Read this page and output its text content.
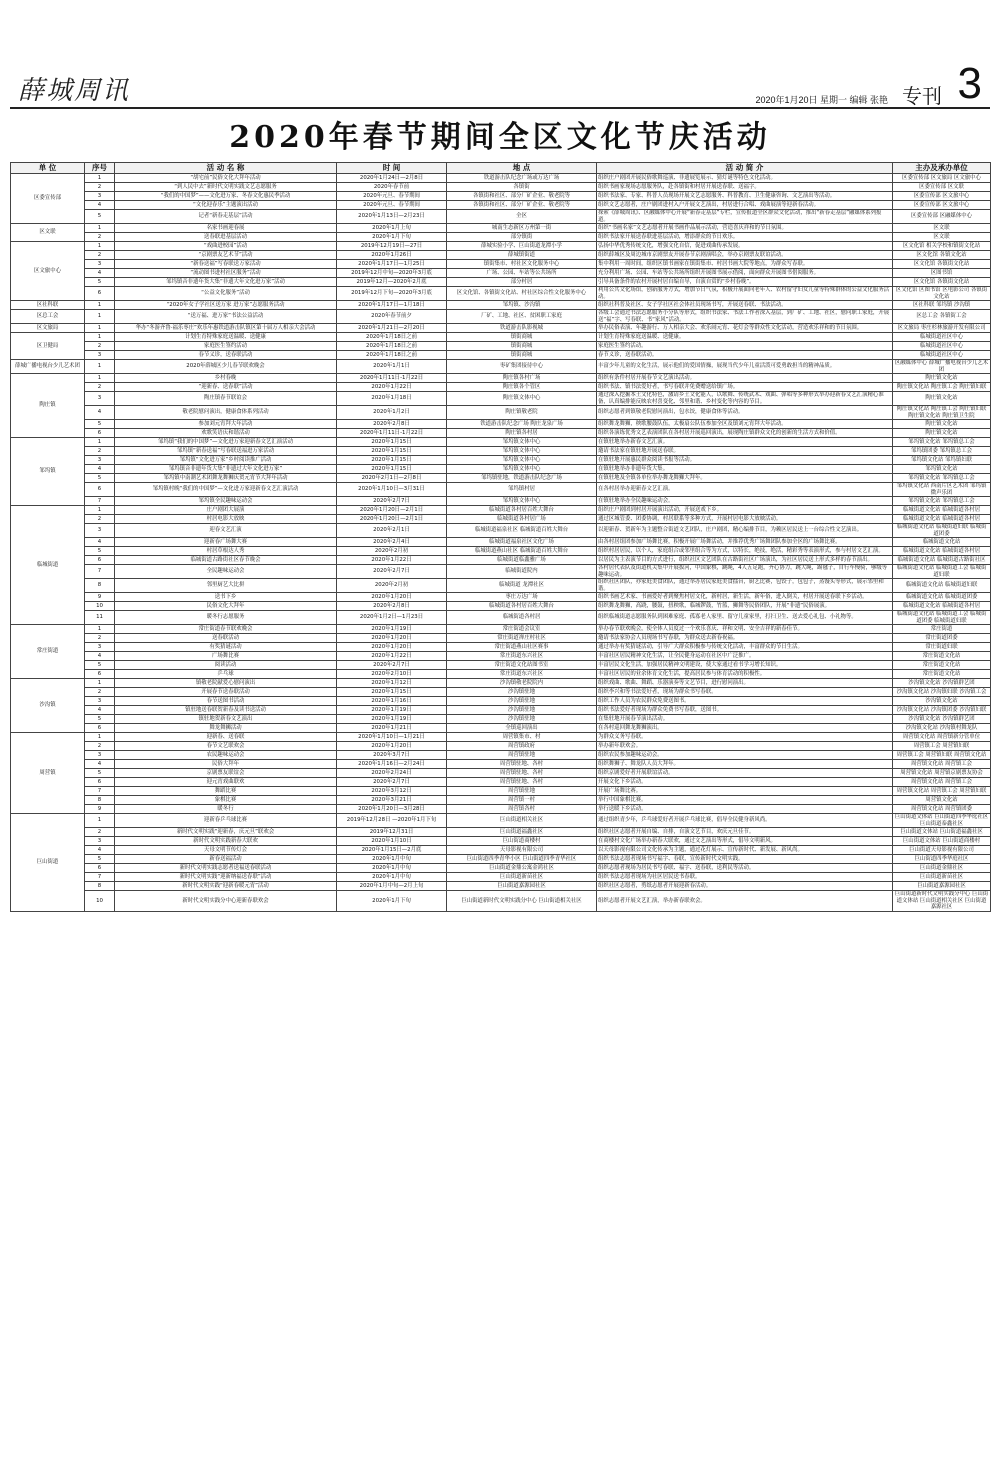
薛城周讯	2020年1月20日 星期一 编辑 张艳 专刊 3
2020年春节期间全区文化节庆活动
单 位	序号	活 动 名 称	时 间	地 点	活 动 简 介	主办及承办单位
区委宣传部	1	“胡宅前”民俗文化大拜年活动	2020年1月24日—2月8日	铁道游击队纪念广场或万达广场	组织庄户剧团开展民俗歌舞巡演、非遗展览展示、猜灯谜等特色文化活动。	区委宣传部 区文旅局 区文旅中心
	2	“到人民中去”新时代文明实践文艺志愿服务	2020年春节前	各镇街	组织书画家现场志愿服务队，赴各镇街和村居开展送春联、送福字。	区委宣传部 区文联
	3	“我们的中国梦”——文化进万家、冬春文化惠民季活动	2020年元旦、春节期间	各镇街和社区、部分厂矿企业、敬老院等	组织书法家、专家、科普人员现场开展文艺志愿服务、科普教育、卫生健康咨询、文艺演出等活动。	区委宣传部 区文旅中心
	4	“文化迎春乐”主题演出活动	2020年元旦、春节期间	各镇街和社区、部分厂矿企业、敬老院等	组织文艺志愿者，庄户剧团进村入户开展文艺演出，村居进行合唱、戏曲展演等迎新春活动。	区委宣传部 区文旅中心
	5	记者“新春走基层”活动	2020年1月13日—2月23日	全区	探索《薛城周讯》、区融媒体中心开展“新春走基层”专栏，宣传报道全区群众文化活动，推出“新春走基层”融媒体系列报道。	区委宣传部 区融媒体中心
区文联	1	名家书画迎春展	2020年1月上旬	城南生态新区万州第一街	组织“书画名家”文艺志愿者开展书画作品展示活动，营造喜庆祥和的节日氛围。	区文联
	2	送春联进基层活动	2020年1月下旬	部分镇街	组织书法家开展送春联进基层活动，增添群众的节日欢乐。	区文联
区文旅中心	1	“戏曲进校园”活动	2019年12月19日—27日	薛城实验小学、巨山街道龙潭小学	弘扬中华优秀传统文化，增强文化自信，促进戏曲传承发展。	区文化馆 相关学校和镇街文化站
	2	“京剧票友艺术节”活动	2020年1月26日	薛城镇街道	组织薛城区及周边城市京剧票友开展春节京剧演唱会，举办京剧票友联谊活动。	区文化馆 各镇文化站
	3	“新春送福”写春联送万家活动	2020年1月17日—1月25日	镇街集市、村社区文化服务中心	集中利用一周时间，组织区镇书画家在镇街集市、村居书画大院等地点，为群众写春联。	区文化馆 各镇街文化站
	4	“流动图书进村社区服务”活动	2019年12月中旬—2020年3月底	广场、公园、车站等公共场所	充分利用广场、公园、车站等公共场所组织开展图书展示借阅，面向群众开展图书借阅服务。	区图书馆
	5	邹坞镇音非遗年货大集“非遗大年文化进万家”活动	2019年12月—2020年2月底	部分村居	引导具备条件的农村开展村居自编自导，自演自赏的“乡村春晚”。	区文化馆 各镇街文化站
	6	“公益文化服务”活动	2019年12月下旬—2020年3月底	区文化馆、各镇街文化站、村社区综合性文化服务中心	利用公共文化场馆，创新服务方式，增加节日气氛，积极开展面向老年人、农村留守妇女儿童等特殊群体的公益文化服务活动。	区文化馆 区图书馆 区电影公司 各镇街文化站
区社科联	1	“2020年女子学社区送万家 进万家”志愿服务活动	2020年1月17日—1月18日	邹坞镇、沙沟镇	组织社科普及社区、女子学社区社会体社员现场书写，开展送春联、书法活动。	区社科联 邹坞镇 沙沟镇
区总工会	1	“送万福、进万家”书法公益活动	2020年春节前夕	厂矿、工地、社区、贫困职工家庭	各级工会通过书法志愿服务小分队等形式，组织书法家、书法工作者深入基层，到厂矿、工地、社区，慰问职工家庭，开展送“福”字、写春联、书“家风”活动。	区总工会 各镇街工会
区文旅局	1	华办“冬游齐鲁·福乐枣庄”欢乐年惠铁道游击队镇区第十届万人相亲大会活动	2020年1月21日—2月20日	铁道游击队影视城	举办民俗表演、年趣游行、万人相亲大会、欢乐闹元宵、花灯会等群众性文化活动，营造欢乐祥和的节日氛围。	区文旅局 枣庄杉林旅游开发有限公司
区卫健局	1	计划生育特殊家庭送温暖、送健康	2020年1月18日之前	镇街商城	计划生育特殊家庭送温暖、送健康。	临城街道社区中心
	2	家庭医生签约活动	2020年1月18日之前	镇街商城	家庭医生签约活动。	临城街道社区中心
	3	春节义诊，送春联活动	2020年1月18日之前	镇街商城	春节义诊，送春联活动。	临城街道社区中心
薛城广播电视台少儿艺术团	1	2020年薛城区少儿春节联欢晚会	2020年1月1日	枣矿集团接待中心	丰富少年儿童的文化生活，展示他们的爱国情操，展现当代少年儿童活泼可爱勇敢担当的精神品质。	区融媒体中心 薛城广播电视台少儿艺术团
陶庄镇	1	乡村春晚	2020年1月11日-1月22日	陶庄镇各村广场	组织有条件村居开展春节文艺演出活动。	陶庄镇文化站
	2	“迎新春、送春联”活动	2020年1月22日	陶庄镇各个管区	组织书法、镇书法爱好者，书写春联并免费赠送给镇广场。	陶庄镇文化站 陶庄镇工会 陶庄镇妇联
	3	陶庄镇春节联谊会	2020年1月18日	陶庄镇文体中心	通过深入挖掘本土文化特色，激请乡土文化能人，以歌舞、传统武术、戏曲、弹唱等多种形式举办迎新春文艺汇演精心准备，认真编排能反映农村喜变化、邻里和谐、乡村变化等内容的节目。	陶庄镇文化站
	4	敬老院慰问演出，健康食体系列活动	2020年1月2日	陶庄镇敬老院	组织志愿者到镇敬老院慰问演出，包水饺，健康食体等活动。	陶庄镇文化站 陶庄镇工会 陶庄镇妇联 陶庄镇文化站 陶庄镇卫生院
	5	参加刘元宵拜大年活动	2020年2月8日	铁道游击队纪念广场 陶庄龙泉广场	组织舞龙舞狮，秧歌腰鼓队伍，太极扇公队伍参加全区及镇刘元宵拜大年活动。	陶庄镇文化站
	6	欢歌笑语庆和谐活动	2020年1月11日-1月22日	陶庄镇各村居	组织各演练优秀文艺表演团队在各村居开展巡回演出，展现陶庄镇群众文化的创新的生活方式和价值。	陶庄镇文化站
邹坞镇	1	邹坞镇“我们的中国梦”—文化进万家迎新春文艺汇演活动	2020年1月15日	邹坞镇文体中心	在镇驻地举办新春文艺汇演。	邹坞镇文化站 邹坞镇总工会
	2	邹坞镇“新春送福”写春联送福进万家活动	2020年1月15日	邹坞镇文体中心	邀请书法家在镇驻地开展送春联。	邹坞镇团委 邹坞镇总工会
	3	邹坞镇“文化进万家”乡村阅读推广活动	2020年1月15日	邹坞镇文体中心	在镇驻地开展惠民群众阅读书报等活动。	邹坞镇文化站 邹坞镇妇联
	4	邹坞镇音非遗年货大集“非遗过大年文化进万家”	2020年1月15日	邹坞镇文体中心	在镇驻地举办非遗年货大集。	邹坞镇文化站
	5	邹坞镇中南潮艺术团舞龙舞狮庆贺元宵节大拜年活动	2020年2月1日—2月8日	邹坞镇驻地，铁道游击队纪念广场	在镇驻地及全镇各单位举办舞龙舞狮大拜年。	邹坞镇文化站 邹坞镇总工会
	6	邹坞镇村晚“我们的中国梦”—文化进万家迎新春文艺汇演活动	2020年1月10日—3月31日	邹坞镇村居	在各村居举办迎新春文艺汇演。	邹坞镇文化站 西南片区艺术团 邹坞镇微声乐团
	7	邹坞镇全民趣味运动会	2020年2月7日	邹坞镇文体中心	在镇驻地举办全民趣味运动会。	邹坞镇文化站 邹坞镇总工会
临城街道	1	庄户剧团大展演	2020年1月20日—2月1日	临城街道各村居百姓大舞台	组织庄户剧团到村居开展演出活动，开展送戏下乡。	临城街道文化站 临城街道各村居
	2	村居电影大放映	2020年1月20日—2月1日	临城街道各村居广场	通过区城管委、团委协调，村居联系等多种方式，开展村居电影大放映活动。	临城街道文化站 临城街道各村居
	3	迎春文艺汇演	2020年2月1日	临城街道福泉社区 临城街道百姓大舞台	以迎新春、贺新年为主题整合街道文艺团队，庄户剧团，精心编排节目，为赖区居民送上一台综合性文艺演出。	临城街道文化站 临城街道妇联 临城街道团委
	4	迎新春广场舞大赛	2020年2月4日	临城街道福泉社区文化广场	由各村居组团参加广场舞比赛，积极开展广场舞活动，并推荐优秀广场舞团队参加全区的广场舞比赛。	临城街道文化站
	5	村居草根达人秀	2020年2月初	临城街道燕山社区 临城街道百姓大舞台	组织村居居民，以个人，家庭组合或邻里组合等为方式，以特长，绝技，绝活，精彩秀等表演形式，参与村居文艺汇演。	临城街道文化站 临城街道各村居
	6	临城街道古路街社区春节晚会	2020年1月22日	临城街道临鑫雅广场	以居民为主表演节目的方式进行，组织社区文艺团队在古路街社区广场演出，为社区居民送上形式多样的春节演出。	临城街道文化站 临城街道古路街社区
	7	全民趣味运动会	2020年2月7日	临城街道院内	各村居代表队及街道机关集中开展拔河，中国象棋，跳绳，4人五足跑，齐心协力，跳大绳，踢毽子，自行车慢骑，够级等趣味运动。	临城街道文化站 临城街道工会 临城街道妇联
	8	邻里厨艺大比拼	2020年2月初	临城街道 龙潭社区	组织社区团队，亦家庭美食团队，通过举办居民家庭美食擂台，厨艺比赛，包饺子，包包子，蒸馒头等形式，展示邻里和谐。	临城街道文化站 临城街道妇联
	9	送书下乡	2020年1月20日	枣庄万达广场	组织书画艺术家、书画爱好者到聚焦村居文化，新村居，新生活，新年俗，进入倒关，村居开展送春联下乡活动。	临城街道文化站 临城街道团委
	10	民俗文化大拜年	2020年2月8日	临城街道各村居百姓大舞台	组织舞龙舞狮，高跷，腰鼓，扭秧歌，临城锣鼓，竹篮，狮舞等民俗团队，开展“非遗”民俗展演。	临城街道文化站 临城街道各村居
	11	暖冬行志愿服务	2020年1月2日—1月23日	临城街道各村居	组织临城街道志愿服务队到困难家庭、孤寡老人家里、留守儿童家里，打扫卫生、送去爱心礼包、小礼物等。	临城街道文化站 临城街道工会 临城街道团委 临城街道妇联
常庄街道	1	常庄街道春节联欢晚会	2020年1月19日	常庄街道会议室	举办春节联欢晚会，使全体人员度过一个欢乐喜庆、祥和文明、安全吉祥的新春佳节。	常庄街道
	2	送春联活动	2020年1月20日	常庄街道禅庄村社区	邀请书法家协会人员现场书写春联，为群众送去新春祝福。	常庄街道团委
	3	有奖猜谜活动	2020年1月20日	常庄街道燕山社区赛事	通过举办有奖猜谜活动，引导广大群众积极参与传统文化活动，丰富群众的节日生活。	常庄街道妇联
	4	广场舞比赛	2020年1月22日	常庄街道东兴社区	丰富社区居民精神文化生活，让全民健身运动在社区中广泛推广。	常庄街道文化站
	5	阅读活动	2020年2月7日	常庄街道文化站图书室	丰富居民文化生活，加强居民精神文明建设，使大家通过看书学习增长知识。	常庄街道文化站
	6	乒乓球	2020年2月10日	常庄街道东兴社区	丰富社区居民的业余体育文化生活，提高居民参与体育活动的积极性。	常庄街道文化站
沙沟镇	1	镇敬老院献爱心慰问演出	2020年1月12日	沙沟镇敬老院院内	组织戏曲、歌曲、舞蹈、乐器演奏等文艺节目，进行慰问演出。	沙沟镇文化站 沙沟镇群艺团
	2	开展春节送春联活动	2020年1月15日	沙沟镇驻地	组织李兴和等书法爱好者，现场为群众书写春联。	沙沟镇文化站 沙沟镇妇联 沙沟镇工会
	3	春节送图书活动	2020年1月16日	沙沟镇驻地	组织工作人员为农民群众免费送图书。	沙沟镇文化站
	4	镇驻地送春联贺新春及读书送活动	2020年1月19日	沙沟镇驻地	组织书法爱好者现场为群众免费书写春联，送图书。	沙沟镇文化站 沙沟镇团委 沙沟镇妇联
	5	镇驻地贺新春文艺演出	2020年1月19日	沙沟镇驻地	在集驻地开展春节演出活动。	沙沟镇文化站 沙沟镇群艺团
	6	舞龙舞狮活动	2020年1月21日	全镇巡回演出	在各村巡回舞龙舞狮演出。	沙沟镇文化站 沙沟镇村舞龙队
周营镇	1	迎新春、送春联	2020年1月10日—1月21日	周营镇集市、村	为群众义务写春联。	周营镇文化站 周营镇新分管单位
	2	春节文艺联欢会	2020年1月20日	周营镇政府	举办新年联欢会。	周营镇工会 周营镇妇联
	3	农民趣味运动会	2020年3月7日	周营镇驻地	组织农民参加趣味运动会。	周营镇工会 周营镇妇联 周营镇文化站
	4	民俗大拜年	2020年1月16日—2月24日	周营镇驻地、各村	组织舞狮子、舞龙队人员大拜年。	周营镇文化站 周营镇工会
	5	京剧票友联谊会	2020年2月24日	周营镇驻地、各村	组织京剧爱好者开展联谊活动。	周营镇文化站 周营镇京剧票友协会
	6	迎元宵戏曲联欢	2020年2月7日	周营镇驻地、各村	开展文化下乡活动。	周营镇文化站 周营镇工会
	7	舞蹈比赛	2020年3月12日	周营镇驻地	开展广场舞比赛。	周营镇文化站 周营镇工会 周营镇妇联
	8	象棋比赛	2020年3月21日	周营镇一村	举行中国象棋比赛。	周营镇文化站
	9	暖冬行	2020年1月20日—3月28日	周营镇各村	举行送暖下乡活动。	周营镇文化站 周营镇团委
巨山街道	1	迎新春乒乓球比赛	2019年12月28日 —2020年1月下旬	巨山街道相关社区	通过组织青少年，乒乓球爱好者开展乒乓球比赛，倡导全民健身新风尚。	巨山街道文体站 巨山街道四季华庭社区 巨山街道泰鑫社区
	2	新时代文明实践“迎新春，庆元旦”联欢会	2019年12月31日	巨山街道福鑫社区	组织社区志愿者开展自编、自排，自演文艺节目，欢庆元旦佳节。	巨山街道文体站 巨山街道福鑫社区
	3	新时代文明实践新春大联欢	2020年1月10日	巨山街道商楼村	在商楼村文化广场举办新春大联欢，通过文艺演出等形式，倡导文明新风。	巨山街道文体站 巨山街道商楼村
	4	天母文明节传灯会	2020年1月15日—2月底	天母影视有限公司	以天母影视有限公司文化传承为主题，通过花灯展示、宣传新时代、新发展、新风尚。	巨山街道天母影视有限公司
	5	新春送福活动	2020年1月中旬	巨山街道四季青华小区 巨山街道四季青华社区	组织书法志愿者现场书写福字、春联，宣传新时代文明实践。	巨山街道四季华庭社区
	6	新时代文明实践志愿者送福送春联活动	2020年1月中旬	巨山街道金鼎公寓金鸿社区	组织志愿者现场为居民书写春联、福字、送春联，送利民等活动。	巨山街道金鼎社区
	7	新时代文明实践“迎新纳福送春联”活动	2020年1月中旬	巨山街道新苗社区	组织书法志愿者现场为社区居民送书春联。	巨山街道新苗社区
	8	新时代文明实践“迎新春暖元宵”活动	2020年1月中旬—2月上旬	巨山街道嘉源园社区	组织社区志愿者，剪纸志愿者开展迎新春活动。	巨山街道嘉源园社区
	10	新时代文明实践分中心迎新春联欢会	2020年1月下旬	巨山街道新时代文明实践分中心 巨山街道相关社区	组织志愿者开展文艺汇演，举办新春联欢会。	巨山街道新时代文明实践分中心 巨山街道文体站 巨山街道相关社区 巨山街道嘉源社区
